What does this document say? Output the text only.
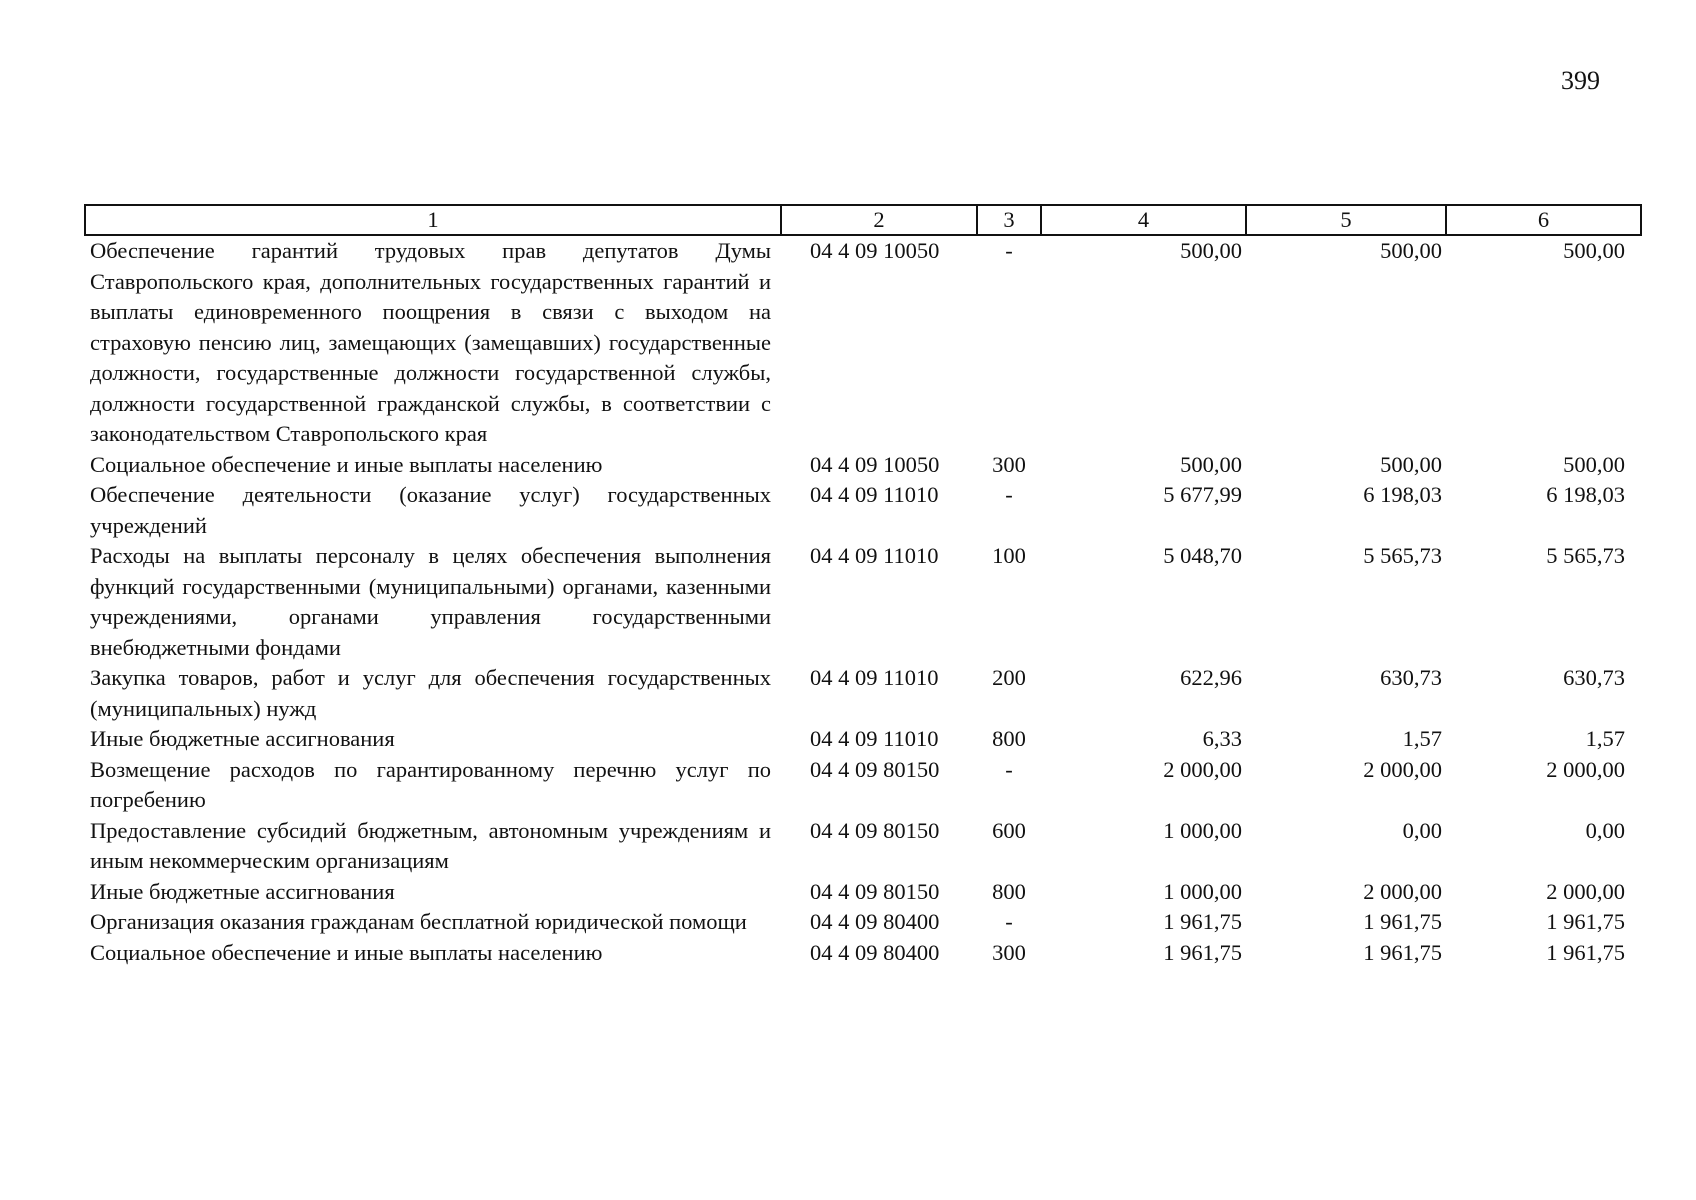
399
1	2	3	4	5	6
Обеспечение гарантий трудовых прав депутатов Думы Ставропольского края, дополнительных государственных гарантий и выплаты единовременного поощрения в связи с выходом на страховую пенсию лиц, замещающих (замещавших) государственные должности, государственные должности государственной службы, должности государственной гражданской службы, в соответствии с законодательством Ставропольского края	04 4 09 10050	-	500,00	500,00	500,00
Социальное обеспечение и иные выплаты населению	04 4 09 10050	300	500,00	500,00	500,00
Обеспечение деятельности (оказание услуг) государственных учреждений	04 4 09 11010	-	5 677,99	6 198,03	6 198,03
Расходы на выплаты персоналу в целях обеспечения выполнения функций государственными (муниципальными) органами, казенными учреждениями, органами управления государственными внебюджетными фондами	04 4 09 11010	100	5 048,70	5 565,73	5 565,73
Закупка товаров, работ и услуг для обеспечения государственных (муниципальных) нужд	04 4 09 11010	200	622,96	630,73	630,73
Иные бюджетные ассигнования	04 4 09 11010	800	6,33	1,57	1,57
Возмещение расходов по гарантированному перечню услуг по погребению	04 4 09 80150	-	2 000,00	2 000,00	2 000,00
Предоставление субсидий бюджетным, автономным учреждениям и иным некоммерческим организациям	04 4 09 80150	600	1 000,00	0,00	0,00
Иные бюджетные ассигнования	04 4 09 80150	800	1 000,00	2 000,00	2 000,00
Организация оказания гражданам бесплатной юридической помощи	04 4 09 80400	-	1 961,75	1 961,75	1 961,75
Социальное обеспечение и иные выплаты населению	04 4 09 80400	300	1 961,75	1 961,75	1 961,75
